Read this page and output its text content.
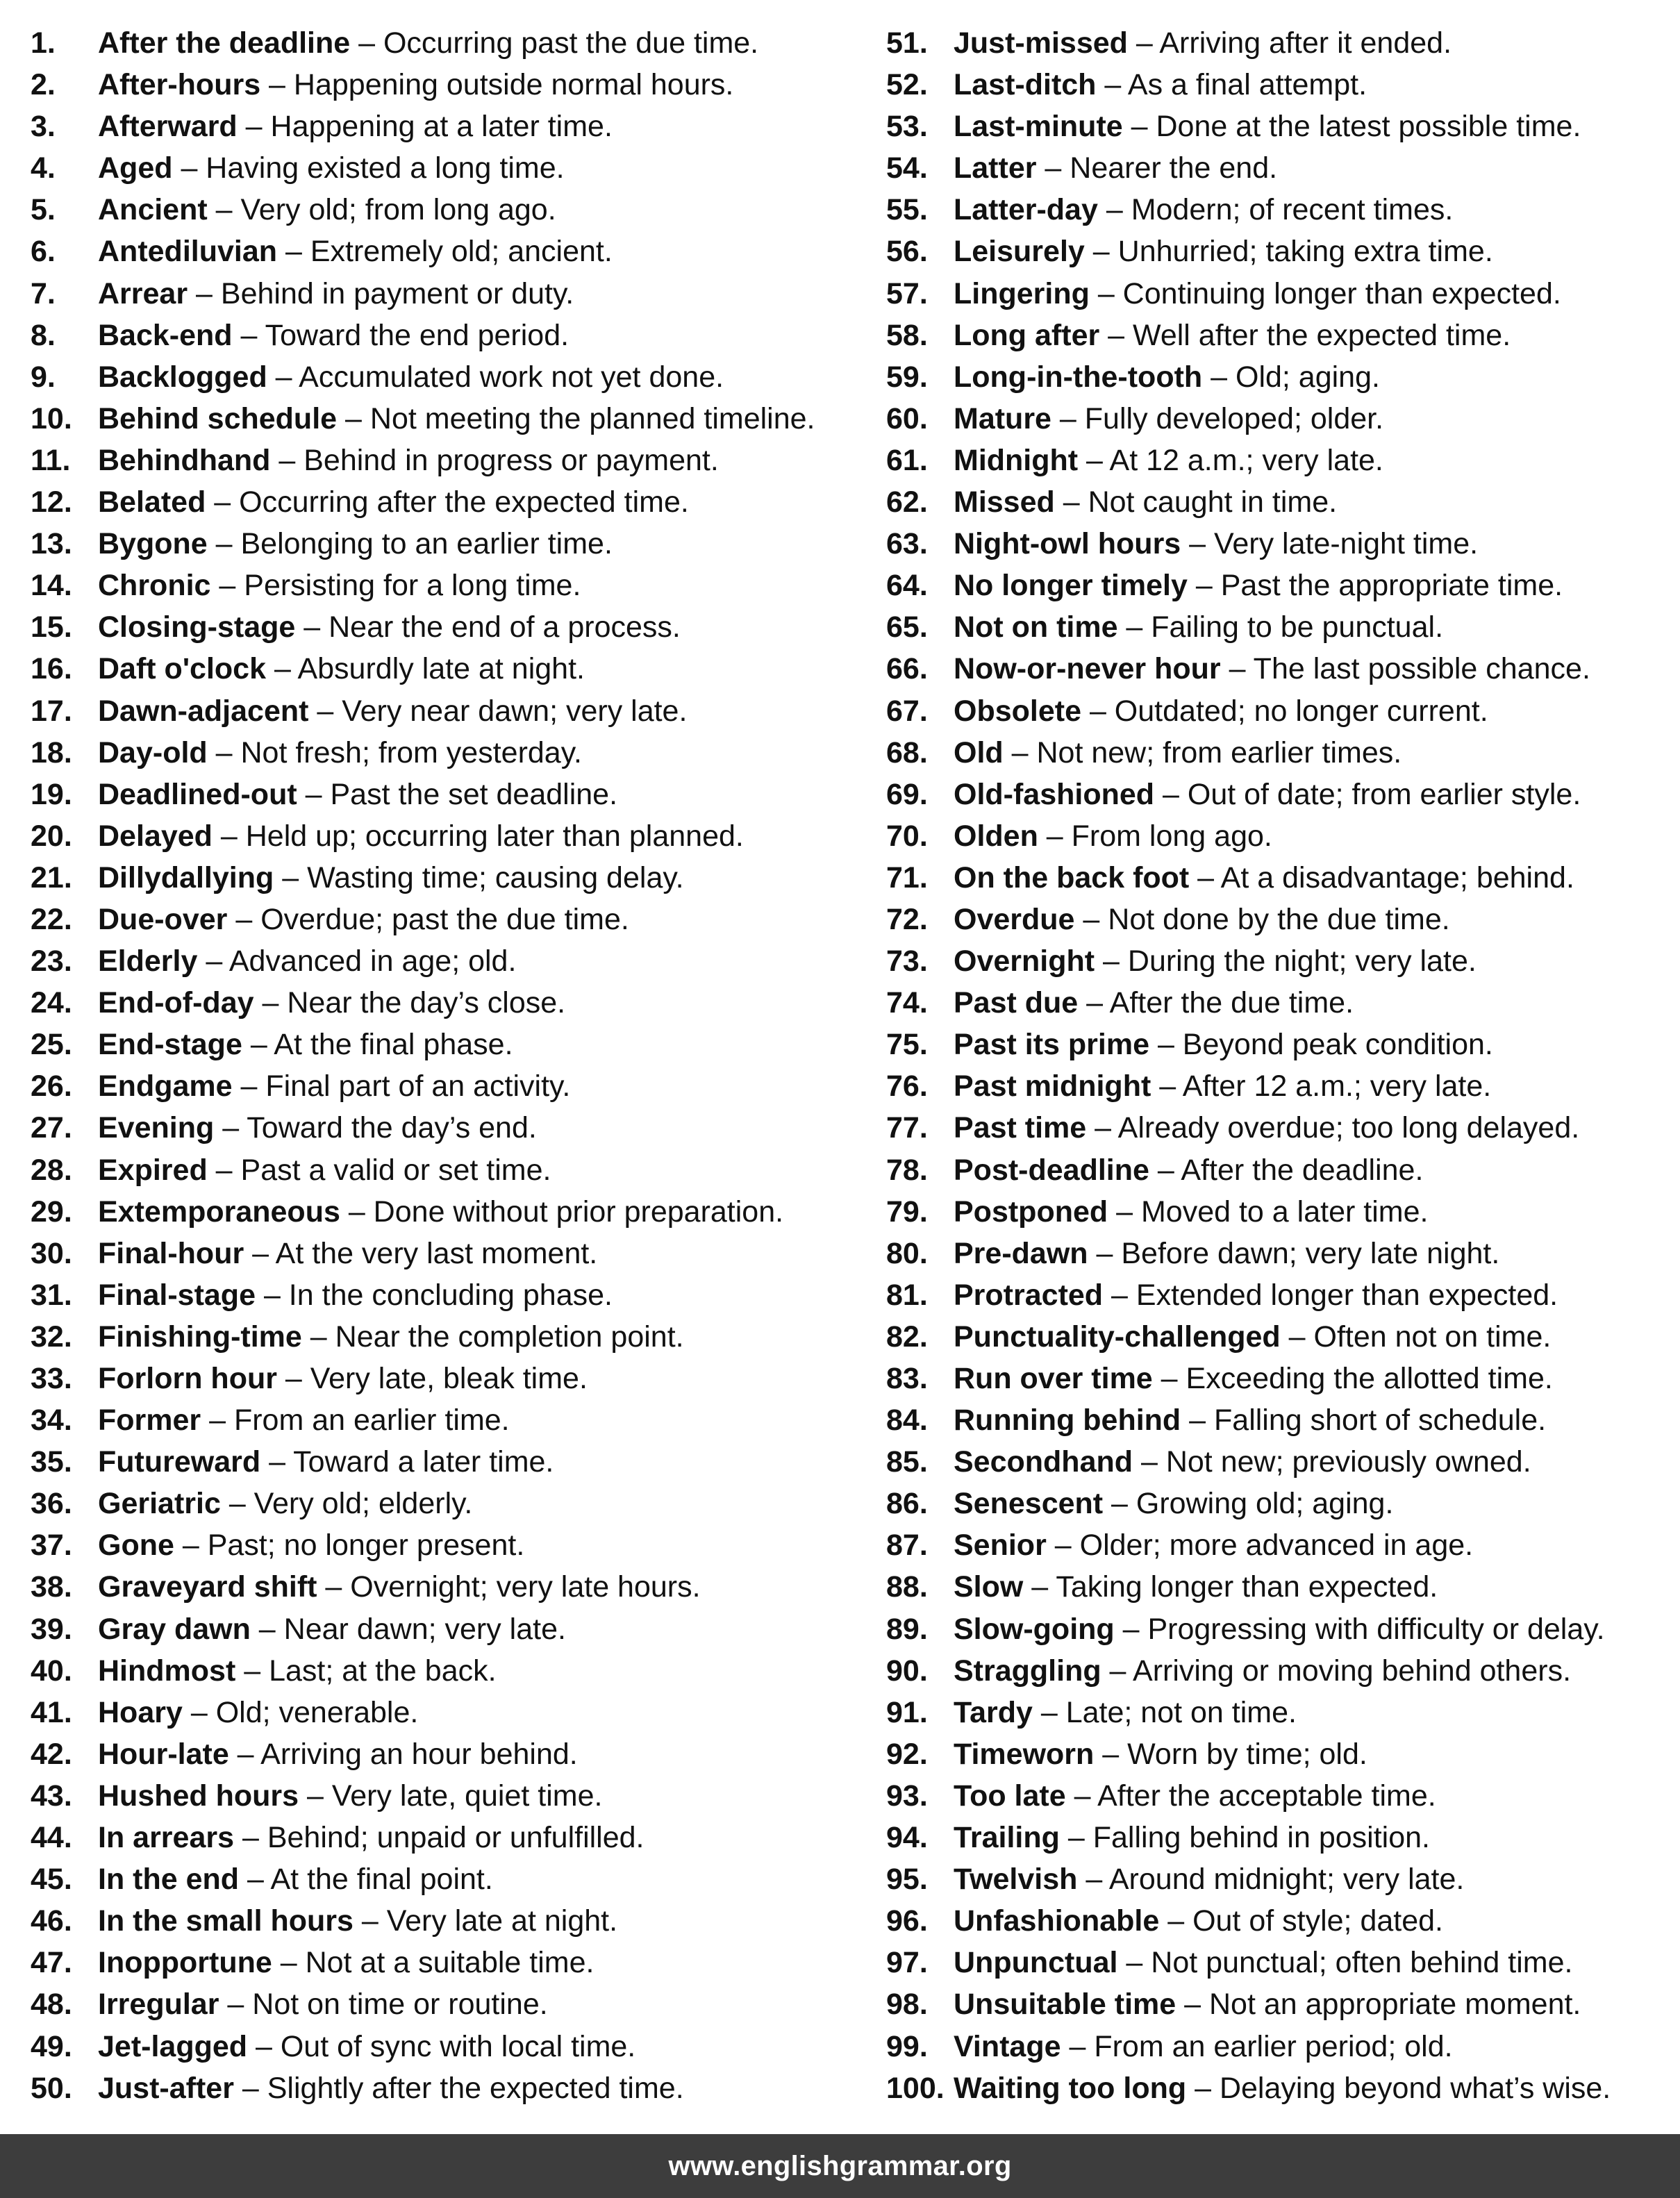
1.	After the deadline – Occurring past the due time.
2.	After-hours – Happening outside normal hours.
3.	Afterward – Happening at a later time.
4.	Aged – Having existed a long time.
5.	Ancient – Very old; from long ago.
6.	Antediluvian – Extremely old; ancient.
7.	Arrear – Behind in payment or duty.
8.	Back-end – Toward the end period.
9.	Backlogged – Accumulated work not yet done.
10. Behind schedule – Not meeting the planned timeline.
11. Behindhand – Behind in progress or payment.
12. Belated – Occurring after the expected time.
13. Bygone – Belonging to an earlier time.
14. Chronic – Persisting for a long time.
15. Closing-stage – Near the end of a process.
16. Daft o'clock – Absurdly late at night.
17. Dawn-adjacent – Very near dawn; very late.
18. Day-old – Not fresh; from yesterday.
19. Deadlined-out – Past the set deadline.
20. Delayed – Held up; occurring later than planned.
21. Dillydallying – Wasting time; causing delay.
22. Due-over – Overdue; past the due time.
23. Elderly – Advanced in age; old.
24. End-of-day – Near the day’s close.
25. End-stage – At the final phase.
26. Endgame – Final part of an activity.
27. Evening – Toward the day’s end.
28. Expired – Past a valid or set time.
29. Extemporaneous – Done without prior preparation.
30. Final-hour – At the very last moment.
31. Final-stage – In the concluding phase.
32. Finishing-time – Near the completion point.
33. Forlorn hour – Very late, bleak time.
34. Former – From an earlier time.
35. Futureward – Toward a later time.
36. Geriatric – Very old; elderly.
37. Gone – Past; no longer present.
38. Graveyard shift – Overnight; very late hours.
39. Gray dawn – Near dawn; very late.
40. Hindmost – Last; at the back.
41. Hoary – Old; venerable.
42. Hour-late – Arriving an hour behind.
43. Hushed hours – Very late, quiet time.
44. In arrears – Behind; unpaid or unfulfilled.
45. In the end – At the final point.
46. In the small hours – Very late at night.
47. Inopportune – Not at a suitable time.
48. Irregular – Not on time or routine.
49. Jet-lagged – Out of sync with local time.
50. Just-after – Slightly after the expected time.
51. Just-missed – Arriving after it ended.
52. Last-ditch – As a final attempt.
53. Last-minute – Done at the latest possible time.
54. Latter – Nearer the end.
55. Latter-day – Modern; of recent times.
56. Leisurely – Unhurried; taking extra time.
57. Lingering – Continuing longer than expected.
58. Long after – Well after the expected time.
59. Long-in-the-tooth – Old; aging.
60. Mature – Fully developed; older.
61. Midnight – At 12 a.m.; very late.
62. Missed – Not caught in time.
63. Night-owl hours – Very late-night time.
64. No longer timely – Past the appropriate time.
65. Not on time – Failing to be punctual.
66. Now-or-never hour – The last possible chance.
67. Obsolete – Outdated; no longer current.
68. Old – Not new; from earlier times.
69. Old-fashioned – Out of date; from earlier style.
70. Olden – From long ago.
71. On the back foot – At a disadvantage; behind.
72. Overdue – Not done by the due time.
73. Overnight – During the night; very late.
74. Past due – After the due time.
75. Past its prime – Beyond peak condition.
76. Past midnight – After 12 a.m.; very late.
77. Past time – Already overdue; too long delayed.
78. Post-deadline – After the deadline.
79. Postponed – Moved to a later time.
80. Pre-dawn – Before dawn; very late night.
81. Protracted – Extended longer than expected.
82. Punctuality-challenged – Often not on time.
83. Run over time – Exceeding the allotted time.
84. Running behind – Falling short of schedule.
85. Secondhand – Not new; previously owned.
86. Senescent – Growing old; aging.
87. Senior – Older; more advanced in age.
88. Slow – Taking longer than expected.
89. Slow-going – Progressing with difficulty or delay.
90. Straggling – Arriving or moving behind others.
91. Tardy – Late; not on time.
92. Timeworn – Worn by time; old.
93. Too late – After the acceptable time.
94. Trailing – Falling behind in position.
95. Twelvish – Around midnight; very late.
96. Unfashionable – Out of style; dated.
97. Unpunctual – Not punctual; often behind time.
98. Unsuitable time – Not an appropriate moment.
99. Vintage – From an earlier period; old.
100. Waiting too long – Delaying beyond what’s wise.
www.englishgrammar.org
